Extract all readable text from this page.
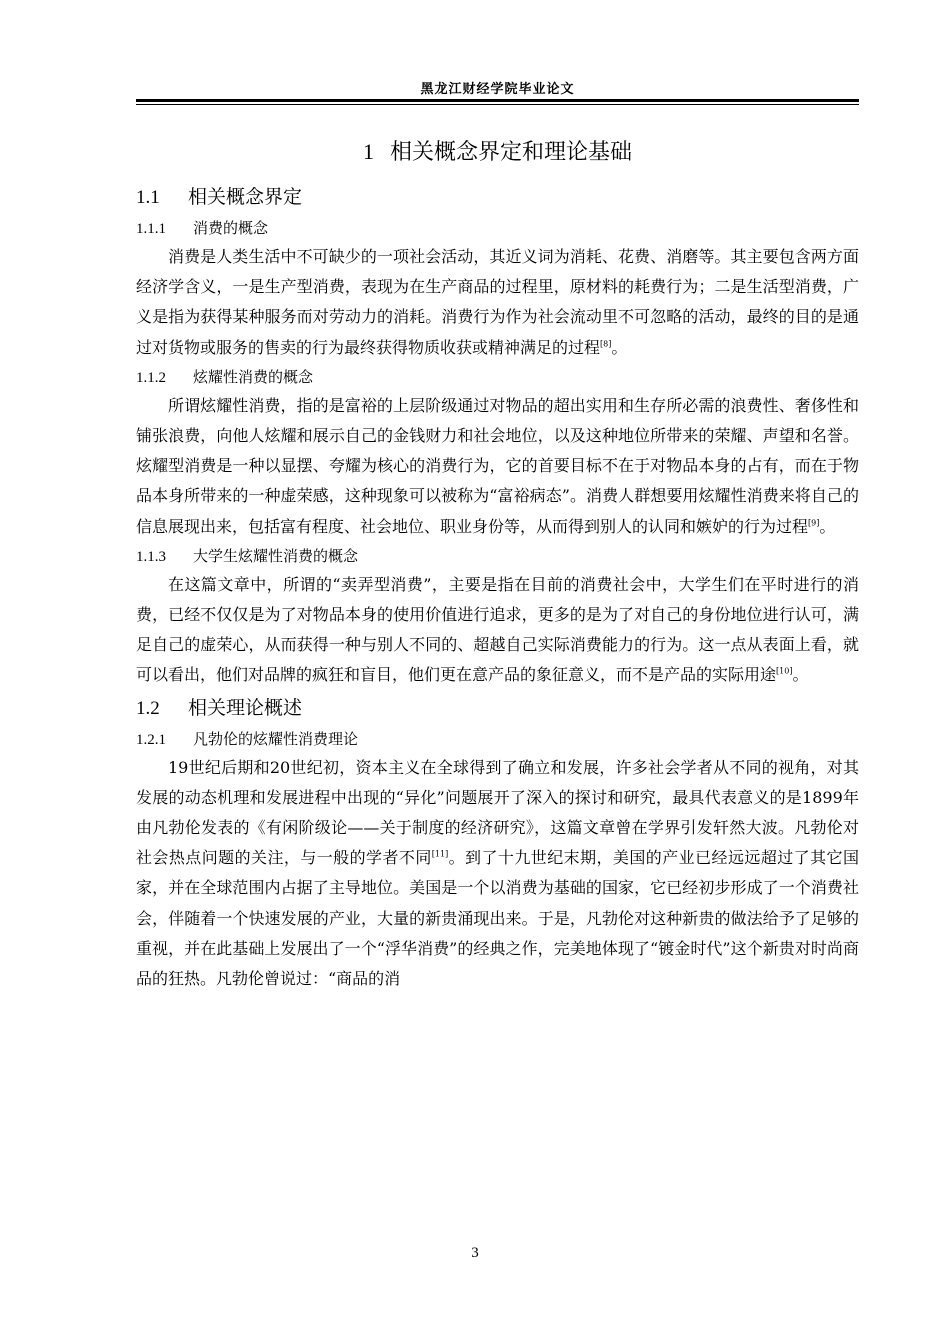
黑龙江财经学院毕业论文
1 相关概念界定和理论基础
1.1 相关概念界定
1.1.1 消费的概念

消费是人类生活中不可缺少的一项社会活动，其近义词为消耗、花费、消磨等。其主要包含两方面经济学含义，一是生产型消费，表现为在生产商品的过程里，原材料的耗费行为；二是生活型消费，广义是指为获得某种服务而对劳动力的消耗。消费行为作为社会流动里不可忽略的活动，最终的目的是通过对货物或服务的售卖的行为最终获得物质收获或精神满足的过程[8]。

1.1.2 炫耀性消费的概念

所谓炫耀性消费，指的是富裕的上层阶级通过对物品的超出实用和生存所必需的浪费性、奢侈性和铺张浪费，向他人炫耀和展示自己的金钱财力和社会地位，以及这种地位所带来的荣耀、声望和名誉。炫耀型消费是一种以显摆、夸耀为核心的消费行为，它的首要目标不在于对物品本身的占有，而在于物品本身所带来的一种虚荣感，这种现象可以被称为“富裕病态”。消费人群想要用炫耀性消费来将自己的信息展现出来，包括富有程度、社会地位、职业身份等，从而得到别人的认同和嫉妒的行为过程[9]。

1.1.3 大学生炫耀性消费的概念

在这篇文章中，所谓的“卖弄型消费”，主要是指在目前的消费社会中，大学生们在平时进行的消费，已经不仅仅是为了对物品本身的使用价值进行追求，更多的是为了对自己的身份地位进行认可，满足自己的虚荣心，从而获得一种与别人不同的、超越自己实际消费能力的行为。这一点从表面上看，就可以看出，他们对品牌的疯狂和盲目，他们更在意产品的象征意义，而不是产品的实际用途[10]。

1.2 相关理论概述
1.2.1 凡勃伦的炫耀性消费理论

19世纪后期和20世纪初，资本主义在全球得到了确立和发展，许多社会学者从不同的视角，对其发展的动态机理和发展进程中出现的“异化”问题展开了深入的探讨和研究，最具代表意义的是1899年由凡勃伦发表的《有闲阶级论——关于制度的经济研究》，这篇文章曾在学界引发轩然大波。凡勃伦对社会热点问题的关注，与一般的学者不同[11]。到了十九世纪末期，美国的产业已经远远超过了其它国家，并在全球范围内占据了主导地位。美国是一个以消费为基础的国家，它已经初步形成了一个消费社会，伴随着一个快速发展的产业，大量的新贵涌现出来。于是，凡勃伦对这种新贵的做法给予了足够的重视，并在此基础上发展出了一个“浮华消费”的经典之作，完美地体现了“镀金时代”这个新贵对时尚商品的狂热。凡勃伦曾说过：“商品的消

3
